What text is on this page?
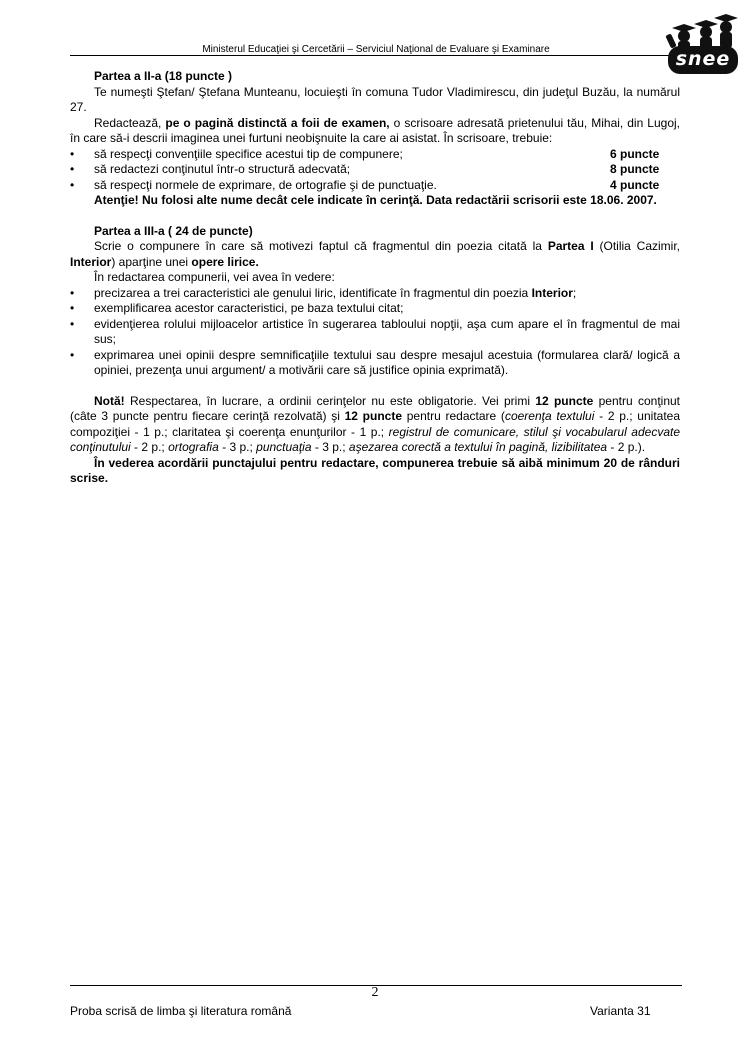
Ministerul Educaţiei şi Cercetării – Serviciul Naţional de Evaluare şi Examinare	snee

Partea a II-a (18 puncte )

Te numeşti Ştefan/ Ştefana Munteanu, locuieşti în comuna Tudor Vladimirescu, din judeţul Buzău, la numărul 27.

Redactează, pe o pagină distinctă a foii de examen, o scrisoare adresată prietenului tău, Mihai, din Lugoj, în care să-i descrii imaginea unei furtuni neobişnuite la care ai asistat. În scrisoare, trebuie:

• să respecţi convenţiile specifice acestui tip de compunere;	6 puncte
• să redactezi conţinutul într-o structură adecvată;	8 puncte
• să respecţi normele de exprimare, de ortografie şi de punctuaţie.	4 puncte

Atenţie! Nu folosi alte nume decât cele indicate în cerinţă. Data redactării scrisorii este 18.06. 2007.

Partea a III-a ( 24 de puncte)

Scrie o compunere în care să motivezi faptul că fragmentul din poezia citată la Partea I (Otilia Cazimir, Interior) aparţine unei opere lirice.

În redactarea compunerii, vei avea în vedere:

• precizarea a trei caracteristici ale genului liric, identificate în fragmentul din poezia Interior;

• exemplificarea acestor caracteristici, pe baza textului citat;

• evidenţierea rolului mijloacelor artistice în sugerarea tabloului nopţii, aşa cum apare el în fragmentul de mai sus;

• exprimarea unei opinii despre semnificaţiile textului sau despre mesajul acestuia (formularea clară/ logică a opiniei, prezenţa unui argument/ a motivării care să justifice opinia exprimată).

Notă! Respectarea, în lucrare, a ordinii cerinţelor nu este obligatorie. Vei primi 12 puncte pentru conţinut (câte 3 puncte pentru fiecare cerinţă rezolvată) şi 12 puncte pentru redactare (coerenţa textului - 2 p.; unitatea compoziţiei - 1 p.; claritatea şi coerenţa enunţurilor - 1 p.; registrul de comunicare, stilul şi vocabularul adecvate conţinutului - 2 p.; ortografia - 3 p.; punctuaţia - 3 p.; aşezarea corectă a textului în pagină, lizibilitatea - 2 p.).

În vederea acordării punctajului pentru redactare, compunerea trebuie să aibă minimum 20 de rânduri scrise.

2
Proba scrisă de limba şi literatura română	Varianta 31
